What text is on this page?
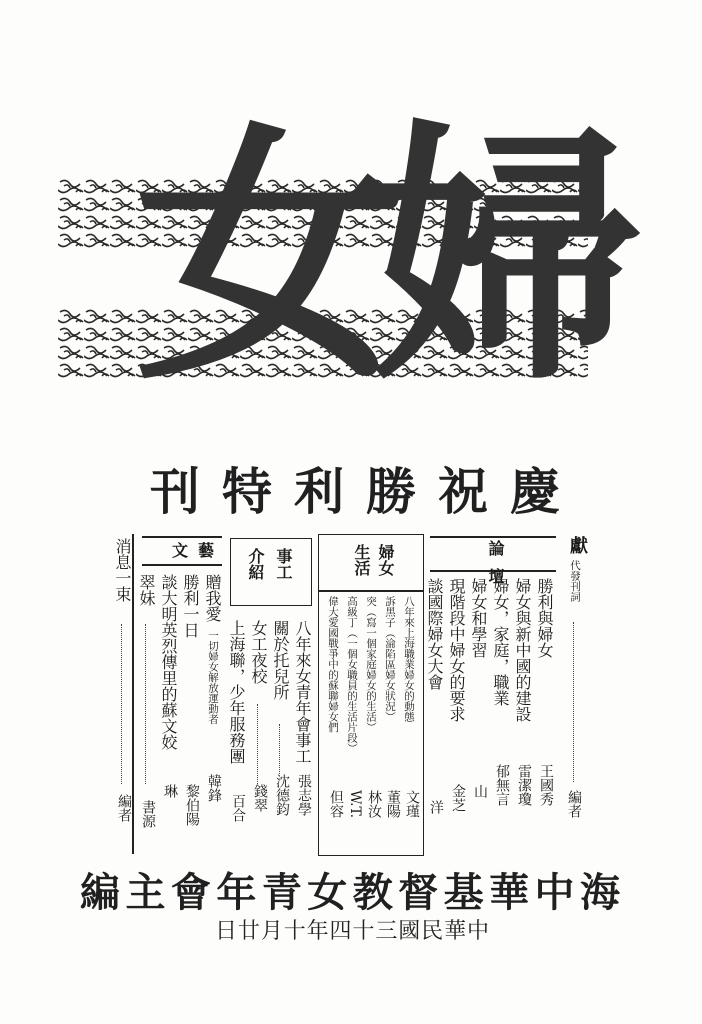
女
婦
慶
祝
勝
利
特
刊
獻
代發刊詞
編者
論壇
勝利與婦女
王國秀
婦女與新中國的建設
雷潔瓊
婦女，家庭，職業
郁無言
婦女和學習
山
現階段中婦女的要求
金芝
談國際婦女大會
洋
婦女
生活
八年來上海職業婦女的動態
文瑾
訴黑子（淪陷區婦女狀況）
董陽
突（寫一個家庭婦女的生活）
林汝
高級丁（一個女職員的生活片段）
W.T.
偉大愛國戰爭中的蘇聯婦女們
但容
事工
介紹
八年來女青年會事工
張志學
關於托兒所
沈德鈞
女工夜校
錢翠
上海聯，少年服務團
百合
文藝
贈我愛
一切婦女解放運動者
韓鋒
勝利一日
黎伯陽
談大明英烈傳里的蘇文姣
琳
翠妹
書源
消息一束
編者
海
中
華
基
督
教
女
青
年
會
主
編
中
華
民
國
三
十
四
年
十
月
廿
日
